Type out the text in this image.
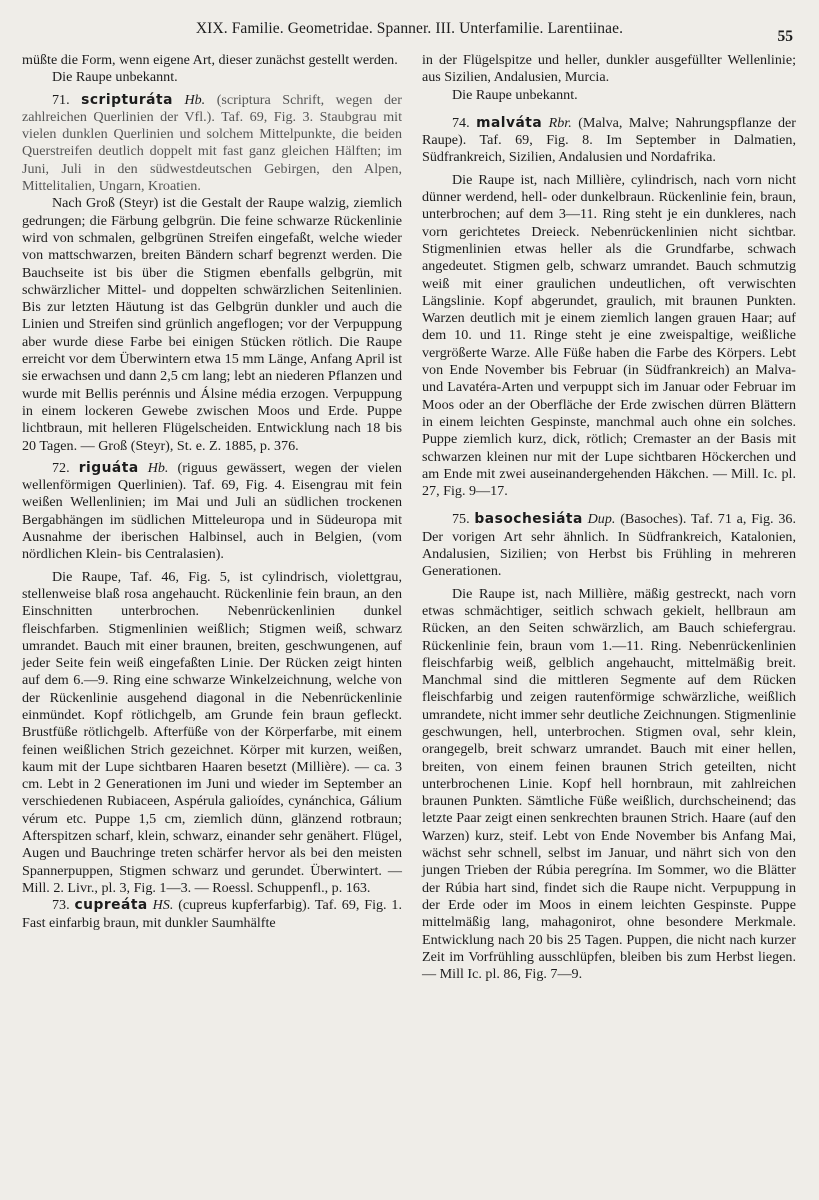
XIX. Familie. Geometridae. Spanner. III. Unterfamilie. Larentiinae.	55

müßte die Form, wenn eigene Art, dieser zunächst gestellt werden.

Die Raupe unbekannt.

71. scripturáta Hb. (scriptura Schrift, wegen der zahlreichen Querlinien der Vfl.). Taf. 69, Fig. 3. Staubgrau mit vielen dunklen Querlinien und solchem Mittelpunkte, die beiden Querstreifen deutlich doppelt mit fast ganz gleichen Hälften; im Juni, Juli in den südwestdeutschen Gebirgen, den Alpen, Mittelitalien, Ungarn, Kroatien.

Nach Groß (Steyr) ist die Gestalt der Raupe walzig, ziemlich gedrungen; die Färbung gelbgrün. Die feine schwarze Rückenlinie wird von schmalen, gelbgrünen Streifen eingefaßt, welche wieder von mattschwarzen, breiten Bändern scharf begrenzt werden. Die Bauchseite ist bis über die Stigmen ebenfalls gelbgrün, mit schwärzlicher Mittel- und doppelten schwärzlichen Seitenlinien. Bis zur letzten Häutung ist das Gelbgrün dunkler und auch die Linien und Streifen sind grünlich angeflogen; vor der Verpuppung aber wurde diese Farbe bei einigen Stücken rötlich. Die Raupe erreicht vor dem Überwintern etwa 15 mm Länge, Anfang April ist sie erwachsen und dann 2,5 cm lang; lebt an niederen Pflanzen und wurde mit Bellis perénnis und Álsine média erzogen. Verpuppung in einem lockeren Gewebe zwischen Moos und Erde. Puppe lichtbraun, mit helleren Flügelscheiden. Entwicklung nach 18 bis 20 Tagen. — Groß (Steyr), St. e. Z. 1885, p. 376.

72. riguáta Hb. (riguus gewässert, wegen der vielen wellenförmigen Querlinien). Taf. 69, Fig. 4. Eisengrau mit fein weißen Wellenlinien; im Mai und Juli an südlichen trockenen Bergabhängen im südlichen Mitteleuropa und in Südeuropa mit Ausnahme der iberischen Halbinsel, auch in Belgien, (vom nördlichen Klein- bis Centralasien).

Die Raupe, Taf. 46, Fig. 5, ist cylindrisch, violettgrau, stellenweise blaß rosa angehaucht. Rückenlinie fein braun, an den Einschnitten unterbrochen. Nebenrückenlinien dunkel fleischfarben. Stigmenlinien weißlich; Stigmen weiß, schwarz umrandet. Bauch mit einer braunen, breiten, geschwungenen, auf jeder Seite fein weiß eingefaßten Linie. Der Rücken zeigt hinten auf dem 6.—9. Ring eine schwarze Winkelzeichnung, welche von der Rückenlinie ausgehend diagonal in die Nebenrückenlinie einmündet. Kopf rötlichgelb, am Grunde fein braun gefleckt. Brustfüße rötlichgelb. Afterfüße von der Körperfarbe, mit einem feinen weißlichen Strich gezeichnet. Körper mit kurzen, weißen, kaum mit der Lupe sichtbaren Haaren besetzt (Millière). — ca. 3 cm. Lebt in 2 Generationen im Juni und wieder im September an verschiedenen Rubiaceen, Aspérula galioídes, cynánchica, Gálium vérum etc. Puppe 1,5 cm, ziemlich dünn, glänzend rotbraun; Afterspitzen scharf, klein, schwarz, einander sehr genähert. Flügel, Augen und Bauchringe treten schärfer hervor als bei den meisten Spannerpuppen, Stigmen schwarz und gerundet. Überwintert. — Mill. 2. Livr., pl. 3, Fig. 1—3. — Roessl. Schuppenfl., p. 163.

73. cupreáta HS. (cupreus kupferfarbig). Taf. 69, Fig. 1. Fast einfarbig braun, mit dunkler Saumhälfte

in der Flügelspitze und heller, dunkler ausgefüllter Wellenlinie; aus Sizilien, Andalusien, Murcia.

Die Raupe unbekannt.

74. malváta Rbr. (Malva, Malve; Nahrungspflanze der Raupe). Taf. 69, Fig. 8. Im September in Dalmatien, Südfrankreich, Sizilien, Andalusien und Nordafrika.

Die Raupe ist, nach Millière, cylindrisch, nach vorn nicht dünner werdend, hell- oder dunkelbraun. Rückenlinie fein, braun, unterbrochen; auf dem 3—11. Ring steht je ein dunkleres, nach vorn gerichtetes Dreieck. Nebenrückenlinien nicht sichtbar. Stigmenlinien etwas heller als die Grundfarbe, schwach angedeutet. Stigmen gelb, schwarz umrandet. Bauch schmutzig weiß mit einer graulichen undeutlichen, oft verwischten Längslinie. Kopf abgerundet, graulich, mit braunen Punkten. Warzen deutlich mit je einem ziemlich langen grauen Haar; auf dem 10. und 11. Ringe steht je eine zweispaltige, weißliche vergrößerte Warze. Alle Füße haben die Farbe des Körpers. Lebt von Ende November bis Februar (in Südfrankreich) an Malva- und Lavatéra-Arten und verpuppt sich im Januar oder Februar im Moos oder an der Oberfläche der Erde zwischen dürren Blättern in einem leichten Gespinste, manchmal auch ohne ein solches. Puppe ziemlich kurz, dick, rötlich; Cremaster an der Basis mit schwarzen kleinen nur mit der Lupe sichtbaren Höckerchen und am Ende mit zwei auseinandergehenden Häkchen. — Mill. Ic. pl. 27, Fig. 9—17.

75. basochesiáta Dup. (Basoches). Taf. 71 a, Fig. 36. Der vorigen Art sehr ähnlich. In Südfrankreich, Katalonien, Andalusien, Sizilien; von Herbst bis Frühling in mehreren Generationen.

Die Raupe ist, nach Millière, mäßig gestreckt, nach vorn etwas schmächtiger, seitlich schwach gekielt, hellbraun am Rücken, an den Seiten schwärzlich, am Bauch schiefergrau. Rückenlinie fein, braun vom 1.—11. Ring. Nebenrückenlinien fleischfarbig weiß, gelblich angehaucht, mittelmäßig breit. Manchmal sind die mittleren Segmente auf dem Rücken fleischfarbig und zeigen rautenförmige schwärzliche, weißlich umrandete, nicht immer sehr deutliche Zeichnungen. Stigmenlinie geschwungen, hell, unterbrochen. Stigmen oval, sehr klein, orangegelb, breit schwarz umrandet. Bauch mit einer hellen, breiten, von einem feinen braunen Strich geteilten, nicht unterbrochenen Linie. Kopf hell hornbraun, mit zahlreichen braunen Punkten. Sämtliche Füße weißlich, durchscheinend; das letzte Paar zeigt einen senkrechten braunen Strich. Haare (auf den Warzen) kurz, steif. Lebt von Ende November bis Anfang Mai, wächst sehr schnell, selbst im Januar, und nährt sich von den jungen Trieben der Rúbia peregrína. Im Sommer, wo die Blätter der Rúbia hart sind, findet sich die Raupe nicht. Verpuppung in der Erde oder im Moos in einem leichten Gespinste. Puppe mittelmäßig lang, mahagonirot, ohne besondere Merkmale. Entwicklung nach 20 bis 25 Tagen. Puppen, die nicht nach kurzer Zeit im Vorfrühling ausschlüpfen, bleiben bis zum Herbst liegen. — Mill Ic. pl. 86, Fig. 7—9.
